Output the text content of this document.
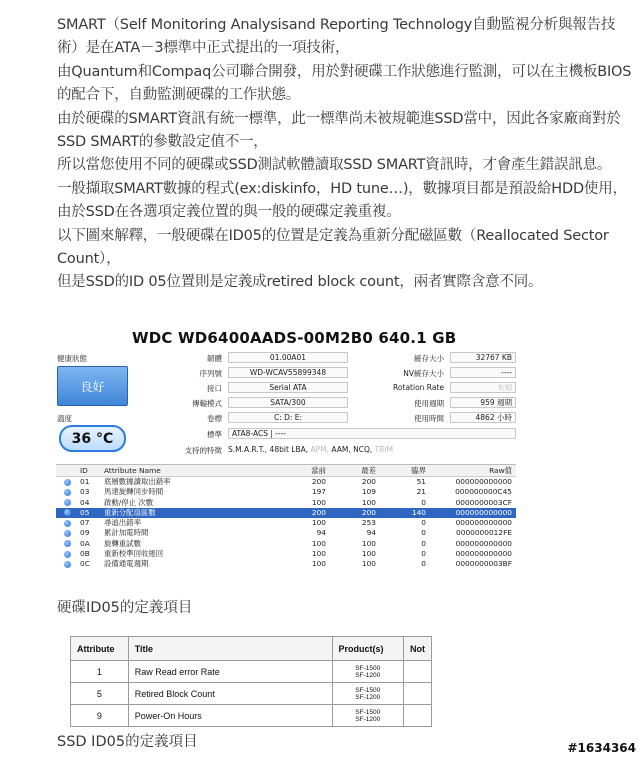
SMART（Self Monitoring Analysisand Reporting Technology自動監視分析與報告技術）是在ATA－3標準中正式提出的一項技術，

由Quantum和Compaq公司聯合開發，用於對硬碟工作狀態進行監測，可以在主機板BIOS的配合下，自動監測硬碟的工作狀態。

由於硬碟的SMART資訊有統一標準，此一標準尚未被規範進SSD當中，因此各家廠商對於SSD SMART的參數設定值不一，

所以當您使用不同的硬碟或SSD測試軟體讀取SSD SMART資訊時，才會產生錯誤訊息。

一般擷取SMART數據的程式(ex:diskinfo，HD tune…)，數據項目都是預設給HDD使用，由於SSD在各選項定義位置的與一般的硬碟定義重複。

以下圖來解釋，一般硬碟在ID05的位置是定義為重新分配磁區數（Reallocated Sector Count），

但是SSD的ID 05位置則是定義成retired block count，兩者實際含意不同。

WDC WD6400AADS-00M2B0 640.1 GB
健康狀態
良好
溫度
36 °C
韌體	01.00A01
序列號	WD-WCAV55899348
接口	Serial ATA
傳輸模式	SATA/300
卷標	C: D: E:
標準	ATA8-ACS | ----
支持的特徵 S.M.A.R.T., 48bit LBA, APM, AAM, NCQ, TRIM
緩存大小	32767 KB
NV緩存大小	----
Rotation Rate	未知
使用週期	959 週期
使用時間	4862 小時
ID Attribute Name	當前	最差	臨界	Raw值
01 底層數據讀取出錯率	200	200	51	000000000000
03 馬達旋轉同步時間	197	109	21	000000000C45
04 啟動/停止 次數	100	100	0	0000000003CF
05 重新分配扇區數	200	200	140	000000000000
07 尋道出錯率	100	253	0	000000000000
09 累計加電時間	94	94	0	0000000012FE
0A 旋轉重試數	100	100	0	000000000000
0B 重新校準回收捲回	100	100	0	000000000000
0C 設備通電週期	100	100	0	0000000003BF
硬碟ID05的定義項目
Attribute	Title	Product(s)	Not
1	Raw Read error Rate	SF-1500
SF-1200	

5	Retired Block Count	SF-1500
SF-1200	

9	Power-On Hours	SF-1500
SF-1200	

SSD ID05的定義項目	#1634364
